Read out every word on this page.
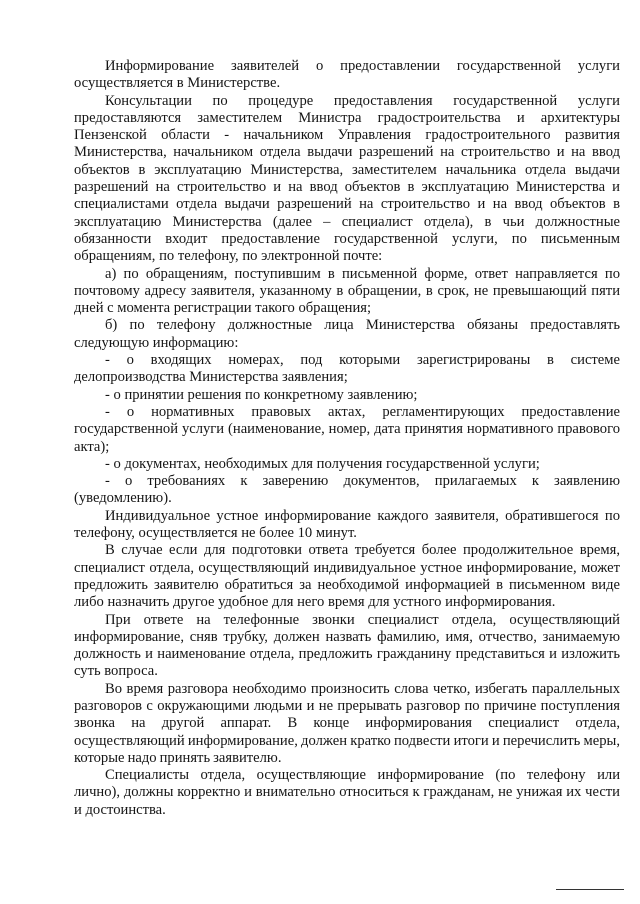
Информирование заявителей о предоставлении государственной услуги осуществляется в Министерстве.

Консультации по процедуре предоставления государственной услуги предоставляются заместителем Министра градостроительства и архитектуры Пензенской области - начальником Управления градостроительного развития Министерства, начальником отдела выдачи разрешений на строительство и на ввод объектов в эксплуатацию Министерства, заместителем начальника отдела выдачи разрешений на строительство и на ввод объектов в эксплуатацию Министерства и специалистами отдела выдачи разрешений на строительство и на ввод объектов в эксплуатацию Министерства (далее – специалист отдела), в чьи должностные обязанности входит предоставление государственной услуги, по письменным обращениям, по телефону, по электронной почте:

а) по обращениям, поступившим в письменной форме, ответ направляется по почтовому адресу заявителя, указанному в обращении, в срок, не превышающий пяти дней с момента регистрации такого обращения;

б) по телефону должностные лица Министерства обязаны предоставлять следующую информацию:

- о входящих номерах, под которыми зарегистрированы в системе делопроизводства Министерства заявления;

- о принятии решения по конкретному заявлению;

- о нормативных правовых актах, регламентирующих предоставление государственной услуги (наименование, номер, дата принятия нормативного правового акта);

- о документах, необходимых для получения государственной услуги;

- о требованиях к заверению документов, прилагаемых к заявлению (уведомлению).

Индивидуальное устное информирование каждого заявителя, обратившегося по телефону, осуществляется не более 10 минут.

В случае если для подготовки ответа требуется более продолжительное время, специалист отдела, осуществляющий индивидуальное устное информирование, может предложить заявителю обратиться за необходимой информацией в письменном виде либо назначить другое удобное для него время для устного информирования.

При ответе на телефонные звонки специалист отдела, осуществляющий информирование, сняв трубку, должен назвать фамилию, имя, отчество, занимаемую должность и наименование отдела, предложить гражданину представиться и изложить суть вопроса.

Во время разговора необходимо произносить слова четко, избегать параллельных разговоров с окружающими людьми и не прерывать разговор по причине поступления звонка на другой аппарат. В конце информирования специалист отдела, осуществляющий информирование, должен кратко подвести итоги и перечислить меры, которые надо принять заявителю.

Специалисты отдела, осуществляющие информирование (по телефону или лично), должны корректно и внимательно относиться к гражданам, не унижая их чести и достоинства.
